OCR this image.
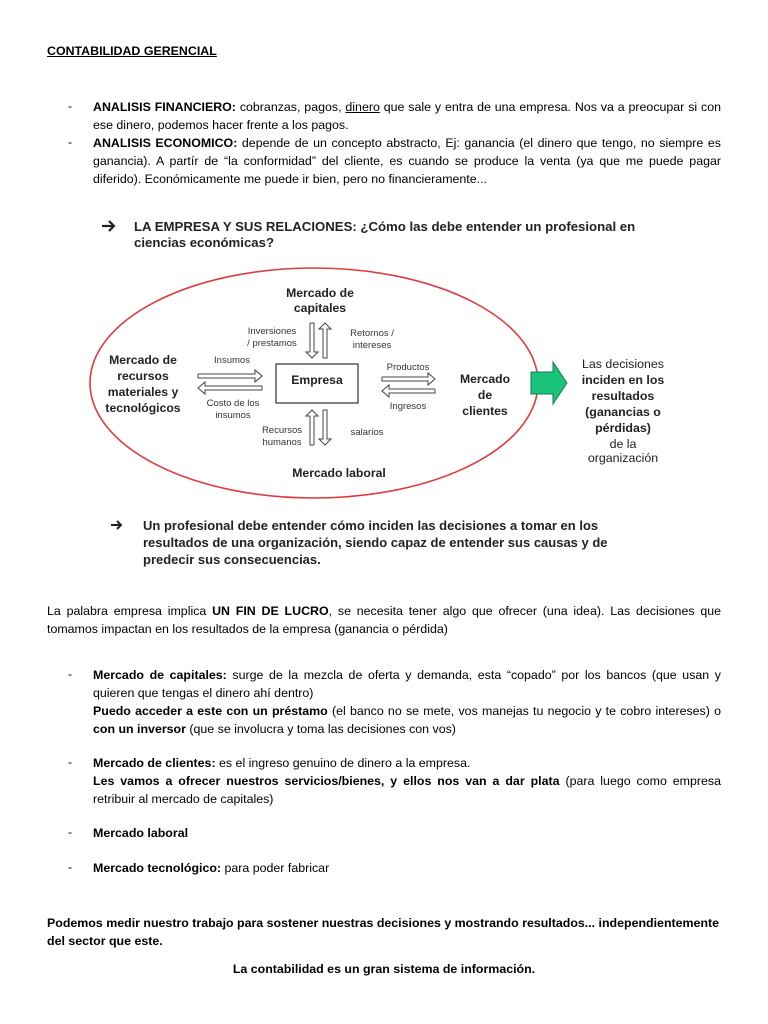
CONTABILIDAD GERENCIAL
- ANALISIS FINANCIERO: cobranzas, pagos, dinero que sale y entra de una empresa. Nos va a preocupar si con
ese dinero, podemos hacer frente a los pagos.
- ANALISIS ECONOMICO: depende de un concepto abstracto, Ej: ganancia (el dinero que tengo, no siempre es
ganancia). A partír de “la conformidad” del cliente, es cuando se produce la venta (ya que me puede pagar
diferido). Económicamente me puede ir bien, pero no financieramente...
LA EMPRESA Y SUS RELACIONES: ¿Cómo las debe entender un profesional en
ciencias económicas?
Mercado de
capitales
Inversiones
/ prestamos
Retornos /
intereses
Mercado de
recursos
materiales y
tecnológicos
Insumos
Costo de los
insumos
Empresa
Productos
Ingresos
Mercado
de
clientes
Recursos
humanos
salarios
Mercado laboral
Las decisiones
inciden en los
resultados
(ganancias o
pérdidas)
de la
organización
Un profesional debe entender cómo inciden las decisiones a tomar en los
resultados de una organización, siendo capaz de entender sus causas y de
predecir sus consecuencias.
La palabra empresa implica UN FIN DE LUCRO, se necesita tener algo que ofrecer (una idea). Las decisiones que
tomamos impactan en los resultados de la empresa (ganancia o pérdida)
- Mercado de capitales: surge de la mezcla de oferta y demanda, esta “copado” por los bancos (que usan y
quieren que tengas el dinero ahí dentro)
Puedo acceder a este con un préstamo (el banco no se mete, vos manejas tu negocio y te cobro intereses) o
con un inversor (que se involucra y toma las decisiones con vos)
- Mercado de clientes: es el ingreso genuino de dinero a la empresa.
Les vamos a ofrecer nuestros servicios/bienes, y ellos nos van a dar plata (para luego como empresa
retribuir al mercado de capitales)
- Mercado laboral
- Mercado tecnológico: para poder fabricar
Podemos medir nuestro trabajo para sostener nuestras decisiones y mostrando resultados... independientemente
del sector que este.
La contabilidad es un gran sistema de información.
